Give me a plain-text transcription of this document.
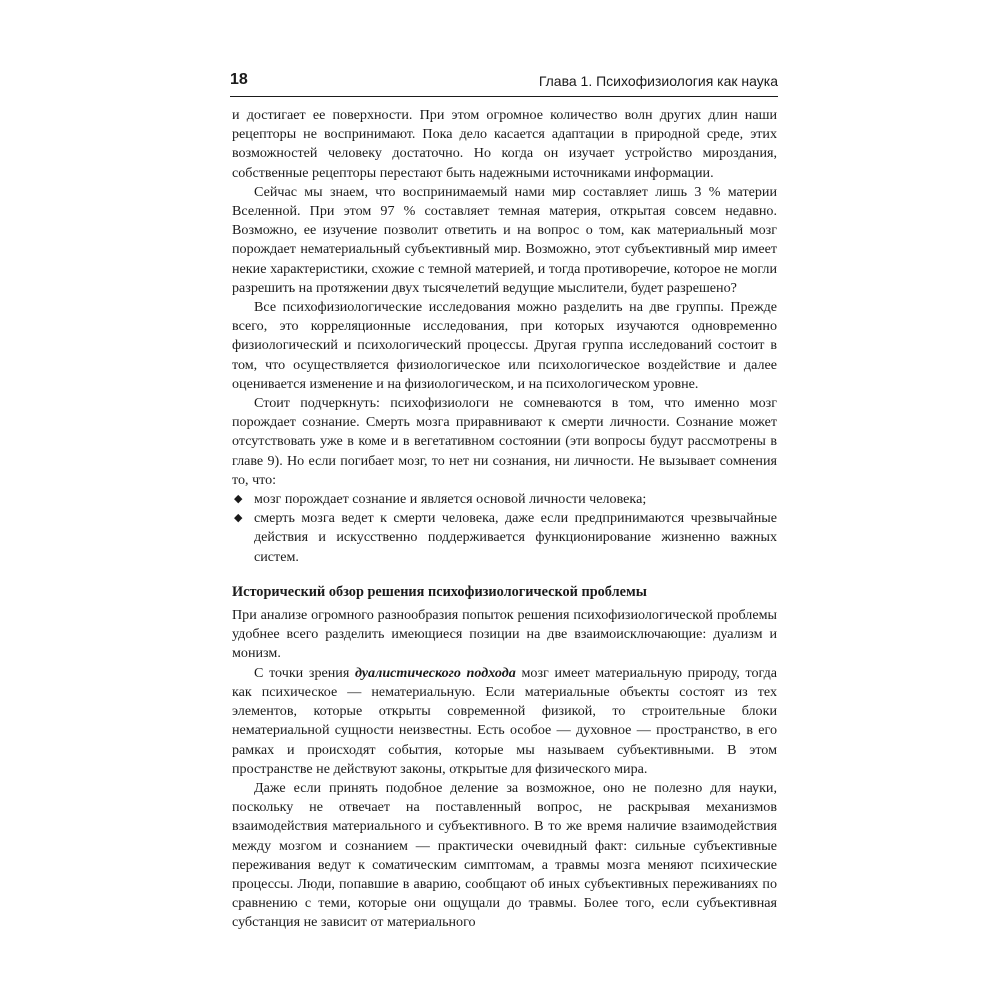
18	Глава 1. Психофизиология как наука

и достигает ее поверхности. При этом огромное количество волн других длин наши рецепторы не воспринимают. Пока дело касается адаптации в природной среде, этих возможностей человеку достаточно. Но когда он изучает устройство мироздания, собственные рецепторы перестают быть надежными источниками информации.

Сейчас мы знаем, что воспринимаемый нами мир составляет лишь 3 % материи Вселенной. При этом 97 % составляет темная материя, открытая совсем недавно. Возможно, ее изучение позволит ответить и на вопрос о том, как материальный мозг порождает нематериальный субъективный мир. Возможно, этот субъективный мир имеет некие характеристики, схожие с темной материей, и тогда противоречие, которое не могли разрешить на протяжении двух тысячелетий ведущие мыслители, будет разрешено?

Все психофизиологические исследования можно разделить на две группы. Прежде всего, это корреляционные исследования, при которых изучаются одновременно физиологический и психологический процессы. Другая группа исследований состоит в том, что осуществляется физиологическое или психологическое воздействие и далее оценивается изменение и на физиологическом, и на психологическом уровне.

Стоит подчеркнуть: психофизиологи не сомневаются в том, что именно мозг порождает сознание. Смерть мозга приравнивают к смерти личности. Сознание может отсутствовать уже в коме и в вегетативном состоянии (эти вопросы будут рассмотрены в главе 9). Но если погибает мозг, то нет ни сознания, ни личности. Не вызывает сомнения то, что:

◆ мозг порождает сознание и является основой личности человека;
◆ смерть мозга ведет к смерти человека, даже если предпринимаются чрезвычайные действия и искусственно поддерживается функционирование жизненно важных систем.
Исторический обзор решения психофизиологической проблемы

При анализе огромного разнообразия попыток решения психофизиологической проблемы удобнее всего разделить имеющиеся позиции на две взаимоисключающие: дуализм и монизм.

С точки зрения дуалистического подхода мозг имеет материальную природу, тогда как психическое — нематериальную. Если материальные объекты состоят из тех элементов, которые открыты современной физикой, то строительные блоки нематериальной сущности неизвестны. Есть особое — духовное — пространство, в его рамках и происходят события, которые мы называем субъективными. В этом пространстве не действуют законы, открытые для физического мира.

Даже если принять подобное деление за возможное, оно не полезно для науки, поскольку не отвечает на поставленный вопрос, не раскрывая механизмов взаимодействия материального и субъективного. В то же время наличие взаимодействия между мозгом и сознанием — практически очевидный факт: сильные субъективные переживания ведут к соматическим симптомам, а травмы мозга меняют психические процессы. Люди, попавшие в аварию, сообщают об иных субъективных переживаниях по сравнению с теми, которые они ощущали до травмы. Более того, если субъективная субстанция не зависит от материального
